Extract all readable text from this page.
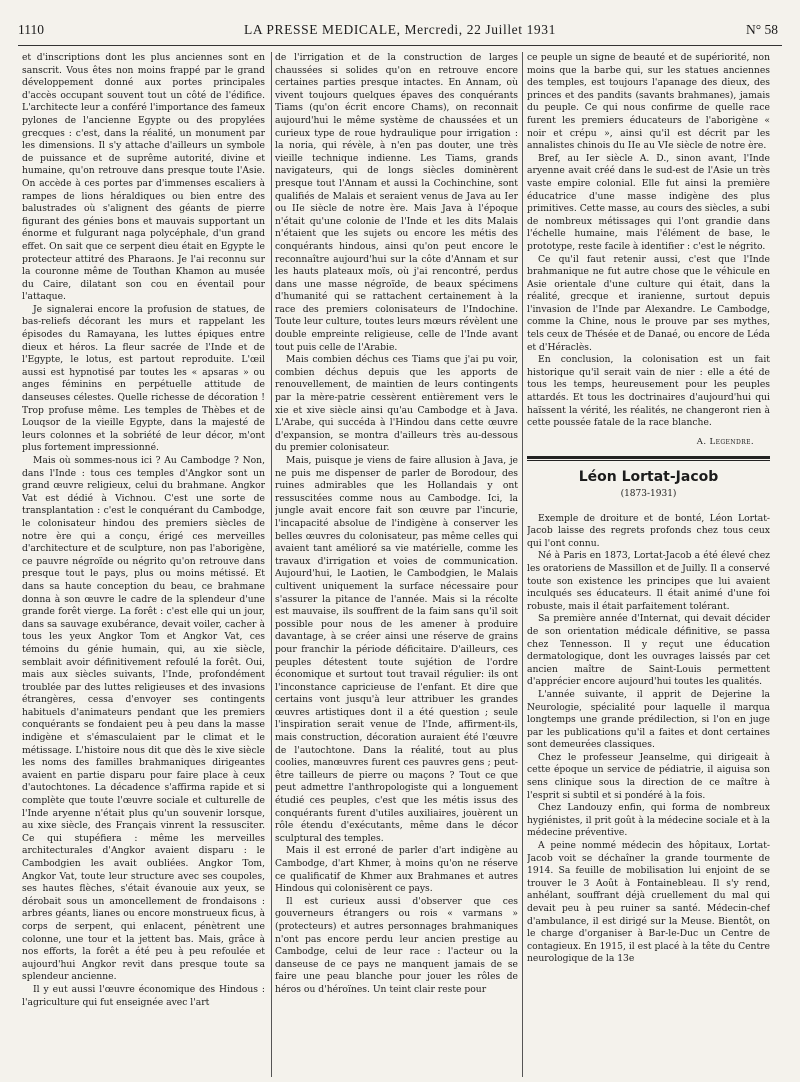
1110	LA PRESSE MEDICALE, Mercredi, 22 Juillet 1931	N° 58

et d'inscriptions dont les plus anciennes sont en sanscrit. Vous êtes non moins frappé par le grand développement donné aux portes principales d'accès occupant souvent tout un côté de l'édifice. L'architecte leur a conféré l'importance des fameux pylones de l'ancienne Egypte ou des propylées grecques : c'est, dans la réalité, un monument par les dimensions. Il s'y attache d'ailleurs un symbole de puissance et de suprême autorité, divine et humaine, qu'on retrouve dans presque toute l'Asie. On accède à ces portes par d'immenses escaliers à rampes de lions héraldiques ou bien entre des balustrades où s'alignent des géants de pierre figurant des génies bons et mauvais supportant un énorme et fulgurant naga polycéphale, d'un grand effet. On sait que ce serpent dieu était en Egypte le protecteur attitré des Pharaons. Je l'ai reconnu sur la couronne même de Touthan Khamon au musée du Caire, dilatant son cou en éventail pour l'attaque.

Je signalerai encore la profusion de statues, de bas-reliefs décorant les murs et rappelant les épisodes du Ramayana, les luttes épiques entre dieux et héros. La fleur sacrée de l'Inde et de l'Egypte, le lotus, est partout reproduite. L'œil aussi est hypnotisé par toutes les « apsaras » ou anges féminins en perpétuelle attitude de danseuses célestes. Quelle richesse de décoration ! Trop profuse même. Les temples de Thèbes et de Louqsor de la vieille Egypte, dans la majesté de leurs colonnes et la sobriété de leur décor, m'ont plus fortement impressionné.

Mais où sommes-nous ici ? Au Cambodge ? Non, dans l'Inde : tous ces temples d'Angkor sont un grand œuvre religieux, celui du brahmane. Angkor Vat est dédié à Vichnou. C'est une sorte de transplantation : c'est le conquérant du Cambodge, le colonisateur hindou des premiers siècles de notre ère qui a conçu, érigé ces merveilles d'architecture et de sculpture, non pas l'aborigène, ce pauvre négroïde ou négrito qu'on retrouve dans presque tout le pays, plus ou moins métissé. Et dans sa haute conception du beau, ce brahmane donna à son œuvre le cadre de la splendeur d'une grande forêt vierge. La forêt : c'est elle qui un jour, dans sa sauvage exubérance, devait voiler, cacher à tous les yeux Angkor Tom et Angkor Vat, ces témoins du génie humain, qui, au xie siècle, semblait avoir définitivement refoulé la forêt. Oui, mais aux siècles suivants, l'Inde, profondément troublée par des luttes religieuses et des invasions étrangères, cessa d'envoyer ses contingents habituels d'animateurs pendant que les premiers conquérants se fondaient peu à peu dans la masse indigène et s'émasculaient par le climat et le métissage. L'histoire nous dit que dès le xive siècle les noms des familles brahmaniques dirigeantes avaient en partie disparu pour faire place à ceux d'autochtones. La décadence s'affirma rapide et si complète que toute l'œuvre sociale et culturelle de l'Inde aryenne n'était plus qu'un souvenir lorsque, au xixe siècle, des Français vinrent la ressusciter. Ce qui stupéfiera : même les merveilles architecturales d'Angkor avaient disparu : le Cambodgien les avait oubliées. Angkor Tom, Angkor Vat, toute leur structure avec ses coupoles, ses hautes flèches, s'était évanouie aux yeux, se dérobait sous un amoncellement de frondaisons : arbres géants, lianes ou encore monstrueux ficus, à corps de serpent, qui enlacent, pénètrent une colonne, une tour et la jettent bas. Mais, grâce à nos efforts, la forêt a été peu à peu refoulée et aujourd'hui Angkor revit dans presque toute sa splendeur ancienne.

Il y eut aussi l'œuvre économique des Hindous : l'agriculture qui fut enseignée avec l'art

de l'irrigation et de la construction de larges chaussées si solides qu'on en retrouve encore certaines parties presque intactes. En Annam, où vivent toujours quelques épaves des conquérants Tiams (qu'on écrit encore Chams), on reconnait aujourd'hui le même système de chaussées et un curieux type de roue hydraulique pour irrigation : la noria, qui révèle, à n'en pas douter, une très vieille technique indienne. Les Tiams, grands navigateurs, qui de longs siècles dominèrent presque tout l'Annam et aussi la Cochinchine, sont qualifiés de Malais et seraient venus de Java au Ier ou IIe siècle de notre ère. Mais Java à l'époque n'était qu'une colonie de l'Inde et les dits Malais n'étaient que les sujets ou encore les métis des conquérants hindous, ainsi qu'on peut encore le reconnaître aujourd'hui sur la côte d'Annam et sur les hauts plateaux moïs, où j'ai rencontré, perdus dans une masse négroïde, de beaux spécimens d'humanité qui se rattachent certainement à la race des premiers colonisateurs de l'Indochine. Toute leur culture, toutes leurs mœurs révèlent une double empreinte religieuse, celle de l'Inde avant tout puis celle de l'Arabie.

Mais combien déchus ces Tiams que j'ai pu voir, combien déchus depuis que les apports de renouvellement, de maintien de leurs contingents par la mère-patrie cessèrent entièrement vers le xie et xive siècle ainsi qu'au Cambodge et à Java. L'Arabe, qui succéda à l'Hindou dans cette œuvre d'expansion, se montra d'ailleurs très au-dessous du premier colonisateur.

Mais, puisque je viens de faire allusion à Java, je ne puis me dispenser de parler de Borodour, des ruines admirables que les Hollandais y ont ressuscitées comme nous au Cambodge. Ici, la jungle avait encore fait son œuvre par l'incurie, l'incapacité absolue de l'indigène à conserver les belles œuvres du colonisateur, pas même celles qui avaient tant amélioré sa vie matérielle, comme les travaux d'irrigation et voies de communication. Aujourd'hui, le Laotien, le Cambodgien, le Malais cultivent uniquement la surface nécessaire pour s'assurer la pitance de l'année. Mais si la récolte est mauvaise, ils souffrent de la faim sans qu'il soit possible pour nous de les amener à produire davantage, à se créer ainsi une réserve de grains pour franchir la période déficitaire. D'ailleurs, ces peuples détestent toute sujétion de l'ordre économique et surtout tout travail régulier: ils ont l'inconstance capricieuse de l'enfant. Et dire que certains vont jusqu'à leur attribuer les grandes œuvres artistiques dont il a été question ; seule l'inspiration serait venue de l'Inde, affirment-ils, mais construction, décoration auraient été l'œuvre de l'autochtone. Dans la réalité, tout au plus coolies, manœuvres furent ces pauvres gens ; peut-être tailleurs de pierre ou maçons ? Tout ce que peut admettre l'anthropologiste qui a longuement étudié ces peuples, c'est que les métis issus des conquérants furent d'utiles auxiliaires, jouèrent un rôle étendu d'exécutants, même dans le décor sculptural des temples.

Mais il est erroné de parler d'art indigène au Cambodge, d'art Khmer, à moins qu'on ne réserve ce qualificatif de Khmer aux Brahmanes et autres Hindous qui colonisèrent ce pays.

Il est curieux aussi d'observer que ces gouverneurs étrangers ou rois « varmans » (protecteurs) et autres personnages brahmaniques n'ont pas encore perdu leur ancien prestige au Cambodge, celui de leur race : l'acteur ou la danseuse de ce pays ne manquent jamais de se faire une peau blanche pour jouer les rôles de héros ou d'héroïnes. Un teint clair reste pour

ce peuple un signe de beauté et de supériorité, non moins que la barbe qui, sur les statues anciennes des temples, est toujours l'apanage des dieux, des princes et des pandits (savants brahmanes), jamais du peuple. Ce qui nous confirme de quelle race furent les premiers éducateurs de l'aborigène « noir et crépu », ainsi qu'il est décrit par les annalistes chinois du IIe au VIe siècle de notre ère.

Bref, au Ier siècle A. D., sinon avant, l'Inde aryenne avait créé dans le sud-est de l'Asie un très vaste empire colonial. Elle fut ainsi la première éducatrice d'une masse indigène des plus primitives. Cette masse, au cours des siècles, a subi de nombreux métissages qui l'ont grandie dans l'échelle humaine, mais l'élément de base, le prototype, reste facile à identifier : c'est le négrito.

Ce qu'il faut retenir aussi, c'est que l'Inde brahmanique ne fut autre chose que le véhicule en Asie orientale d'une culture qui était, dans la réalité, grecque et iranienne, surtout depuis l'invasion de l'Inde par Alexandre. Le Cambodge, comme la Chine, nous le prouve par ses mythes, tels ceux de Thésée et de Danaé, ou encore de Léda et d'Héraclès.

En conclusion, la colonisation est un fait historique qu'il serait vain de nier : elle a été de tous les temps, heureusement pour les peuples attardés. Et tous les doctrinaires d'aujourd'hui qui haïssent la vérité, les réalités, ne changeront rien à cette poussée fatale de la race blanche.

A. Legendre.
Léon Lortat-Jacob
(1873-1931)

Exemple de droiture et de bonté, Léon Lortat-Jacob laisse des regrets profonds chez tous ceux qui l'ont connu.

Né à Paris en 1873, Lortat-Jacob a été élevé chez les oratoriens de Massillon et de Juilly. Il a conservé toute son existence les principes que lui avaient inculqués ses éducateurs. Il était animé d'une foi robuste, mais il était parfaitement tolérant.

Sa première année d'Internat, qui devait décider de son orientation médicale définitive, se passa chez Tennesson. Il y reçut une éducation dermatologique, dont les ouvrages laissés par cet ancien maître de Saint-Louis permettent d'apprécier encore aujourd'hui toutes les qualités.

L'année suivante, il apprit de Dejerine la Neurologie, spécialité pour laquelle il marqua longtemps une grande prédilection, si l'on en juge par les publications qu'il a faites et dont certaines sont demeurées classiques.

Chez le professeur Jeanselme, qui dirigeait à cette époque un service de pédiatrie, il aiguisa son sens clinique sous la direction de ce maître à l'esprit si subtil et si pondéré à la fois.

Chez Landouzy enfin, qui forma de nombreux hygiénistes, il prit goût à la médecine sociale et à la médecine préventive.

A peine nommé médecin des hôpitaux, Lortat-Jacob voit se déchaîner la grande tourmente de 1914. Sa feuille de mobilisation lui enjoint de se trouver le 3 Août à Fontainebleau. Il s'y rend, anhélant, souffrant déjà cruellement du mal qui devait peu à peu ruiner sa santé. Médecin-chef d'ambulance, il est dirigé sur la Meuse. Bientôt, on le charge d'organiser à Bar-le-Duc un Centre de contagieux. En 1915, il est placé à la tête du Centre neurologique de la 13e
